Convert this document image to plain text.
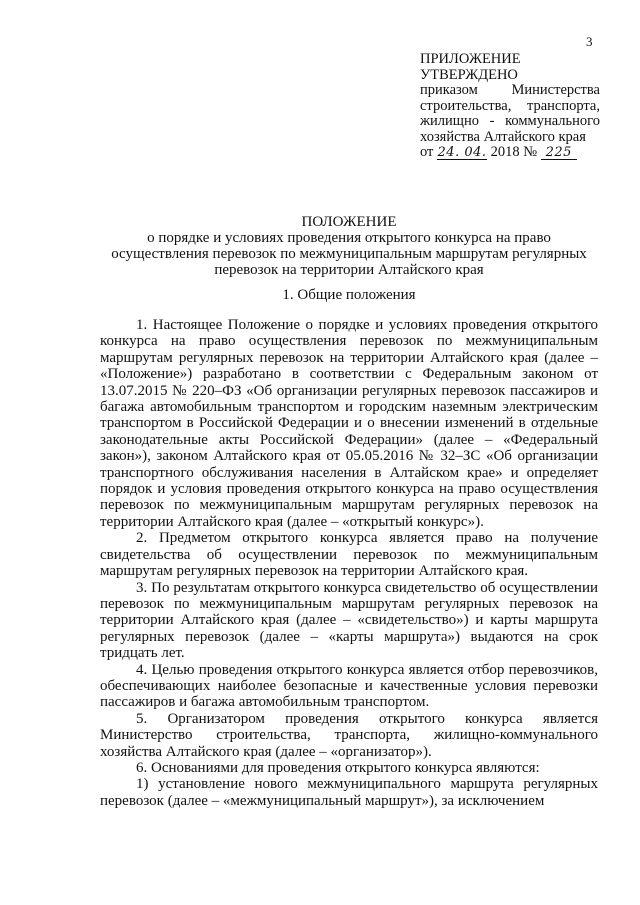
3
ПРИЛОЖЕНИЕ
УТВЕРЖДЕНО
приказом Министерства строительства, транспорта, жилищно - коммунального хозяйства Алтайского края
от 24. 04. 2018 № 225
ПОЛОЖЕНИЕ
о порядке и условиях проведения открытого конкурса на право осуществления перевозок по межмуниципальным маршрутам регулярных перевозок на территории Алтайского края
1. Общие положения

1. Настоящее Положение о порядке и условиях проведения открытого конкурса на право осуществления перевозок по межмуниципальным маршрутам регулярных перевозок на территории Алтайского края (далее – «Положение») разработано в соответствии с Федеральным законом от 13.07.2015 № 220–ФЗ «Об организации регулярных перевозок пассажиров и багажа автомобильным транспортом и городским наземным электрическим транспортом в Российской Федерации и о внесении изменений в отдельные законодательные акты Российской Федерации» (далее – «Федеральный закон»), законом Алтайского края от 05.05.2016 № 32–ЗС «Об организации транспортного обслуживания населения в Алтайском крае» и определяет порядок и условия проведения открытого конкурса на право осуществления перевозок по межмуниципальным маршрутам регулярных перевозок на территории Алтайского края (далее – «открытый конкурс»).

2. Предметом открытого конкурса является право на получение свидетельства об осуществлении перевозок по межмуниципальным маршрутам регулярных перевозок на территории Алтайского края.

3. По результатам открытого конкурса свидетельство об осуществлении перевозок по межмуниципальным маршрутам регулярных перевозок на территории Алтайского края (далее – «свидетельство») и карты маршрута регулярных перевозок (далее – «карты маршрута») выдаются на срок тридцать лет.

4. Целью проведения открытого конкурса является отбор перевозчиков, обеспечивающих наиболее безопасные и качественные условия перевозки пассажиров и багажа автомобильным транспортом.

5. Организатором проведения открытого конкурса является Министерство строительства, транспорта, жилищно-коммунального хозяйства Алтайского края (далее – «организатор»).

6. Основаниями для проведения открытого конкурса являются:

1) установление нового межмуниципального маршрута регулярных перевозок (далее – «межмуниципальный маршрут»), за исключением
